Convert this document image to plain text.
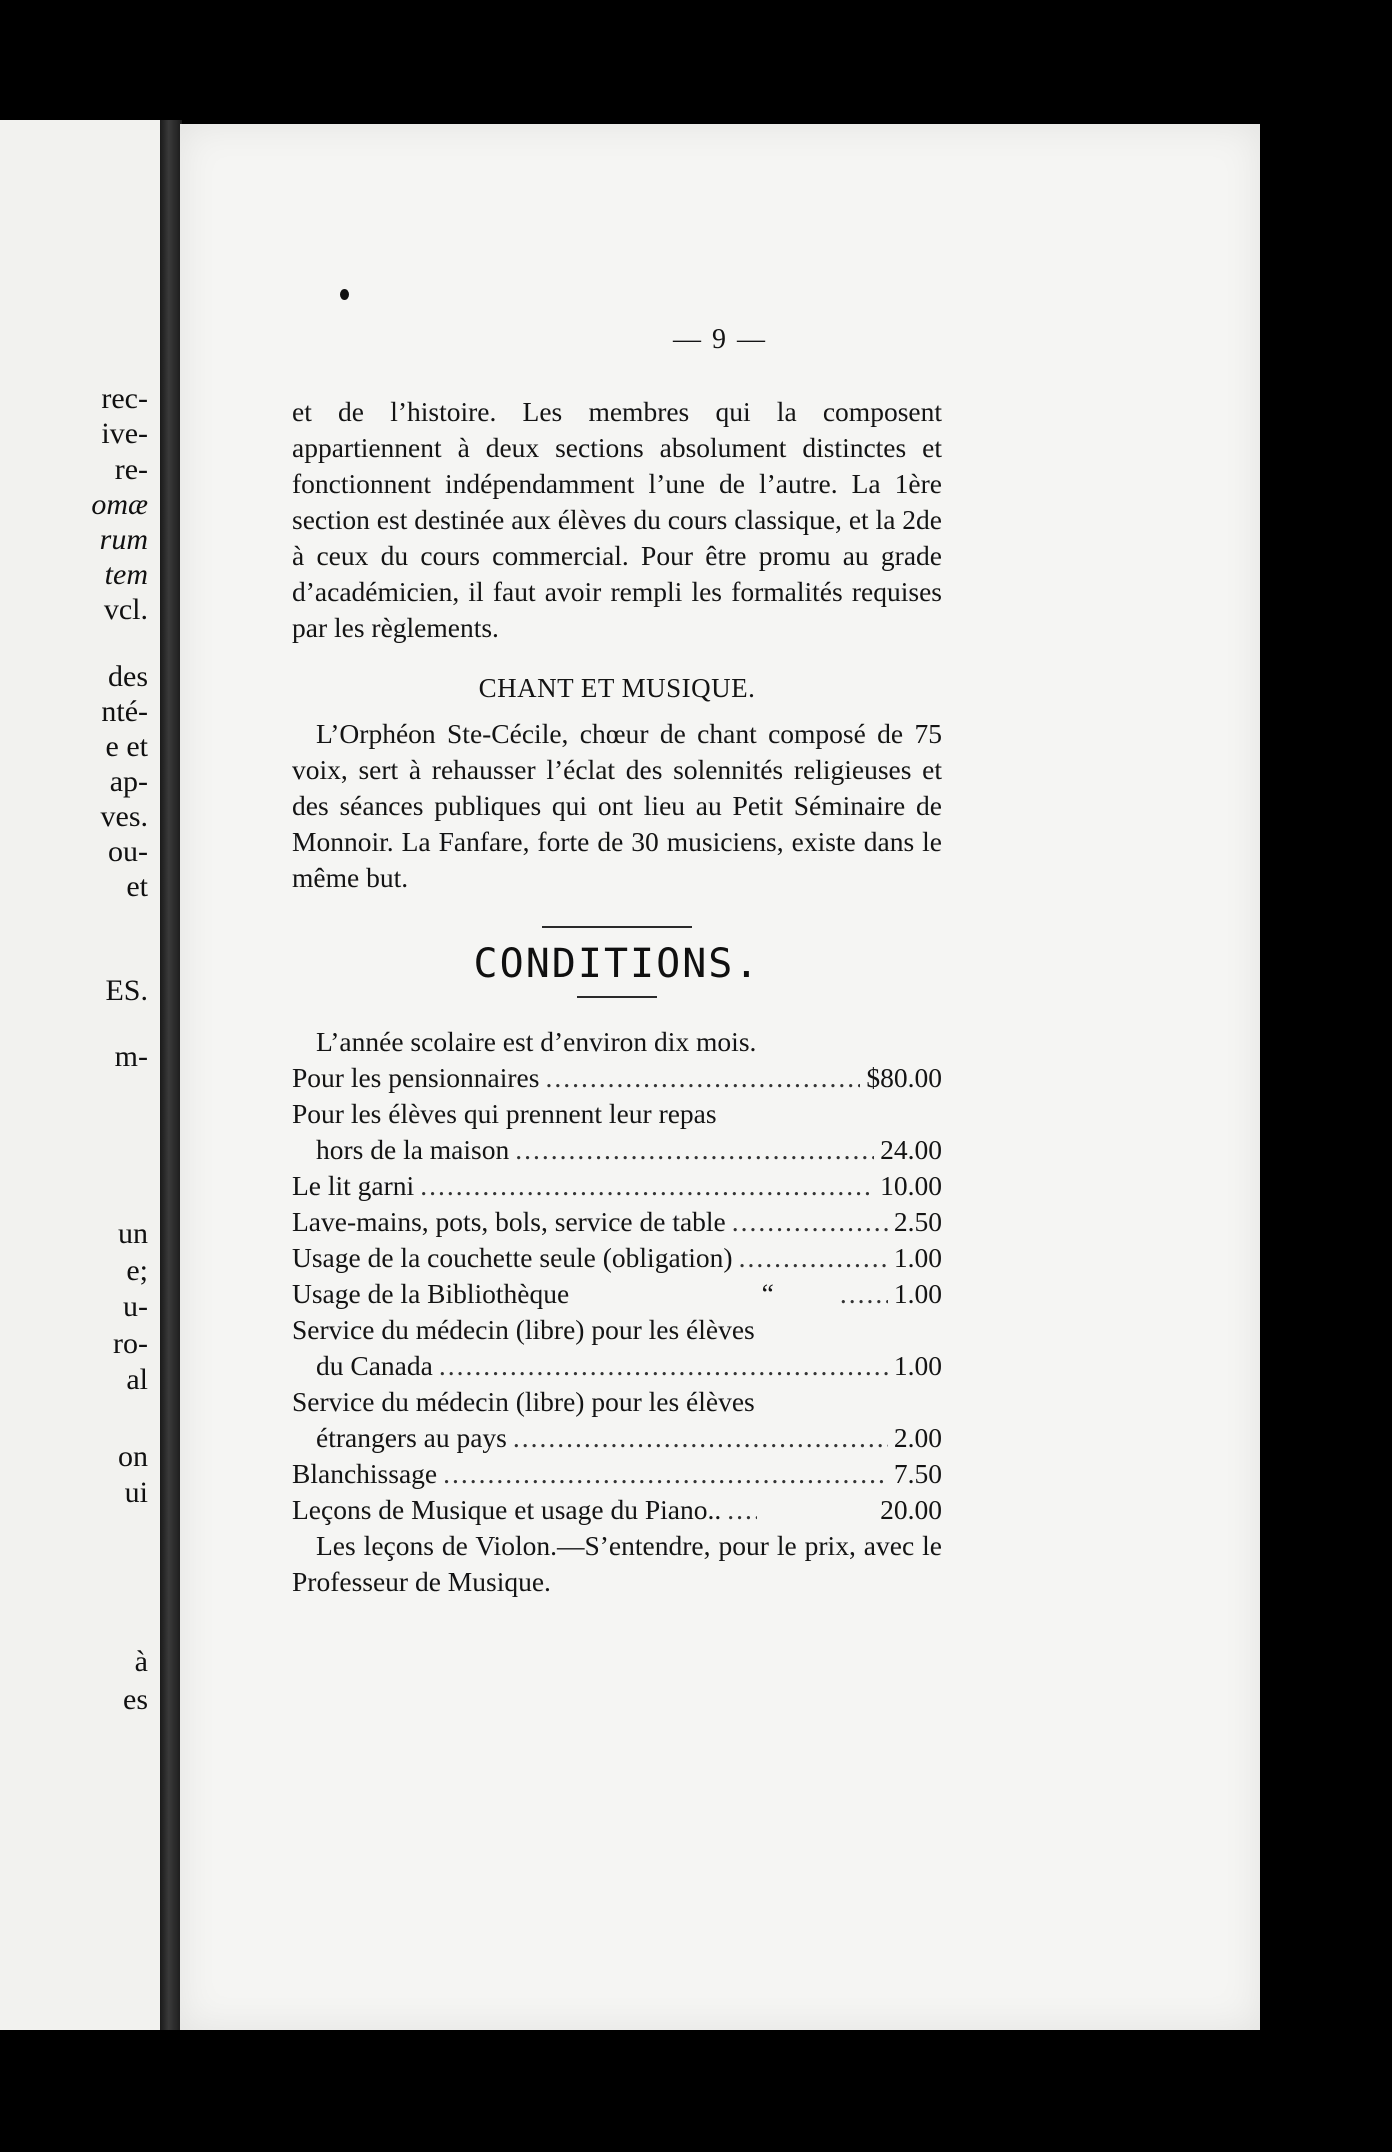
rec-
ive-
re-
omæ
rum
tem
vcl.
des
nté-
e et
ap-
ves.
ou-
et
ES.
m-
un
e;
u-
ro-
al
on
ui
à
es
— 9 —

et de l’histoire. Les membres qui la composent appartiennent à deux sections absolument distinctes et fonctionnent indépendamment l’une de l’autre. La 1ère section est destinée aux élèves du cours classique, et la 2de à ceux du cours commercial. Pour être promu au grade d’académicien, il faut avoir rempli les formalités requises par les règlements.

CHANT ET MUSIQUE.

L’Orphéon Ste-Cécile, chœur de chant composé de 75 voix, sert à rehausser l’éclat des solennités religieuses et des séances publiques qui ont lieu au Petit Séminaire de Monnoir. La Fanfare, forte de 30 musiciens, existe dans le même but.

CONDITIONS.

L’année scolaire est d’environ dix mois.

Pour les pensionnaires .....	$80.00
Pour les élèves qui prennent leur repas
hors de la maison .....	24.00
Le lit garni .....	10.00
Lave-mains, pots, bols, service de table .....	2.50
Usage de la couchette seule (obligation) .....	1.00
Usage de la Bibliothèque	“ .....	1.00
Service du médecin (libre) pour les élèves
du Canada .....	1.00
Service du médecin (libre) pour les élèves
étrangers au pays .....	2.00
Blanchissage .....	7.50
Leçons de Musique et usage du Piano.. .....	20.00

Les leçons de Violon.—S’entendre, pour le prix, avec le Professeur de Musique.
